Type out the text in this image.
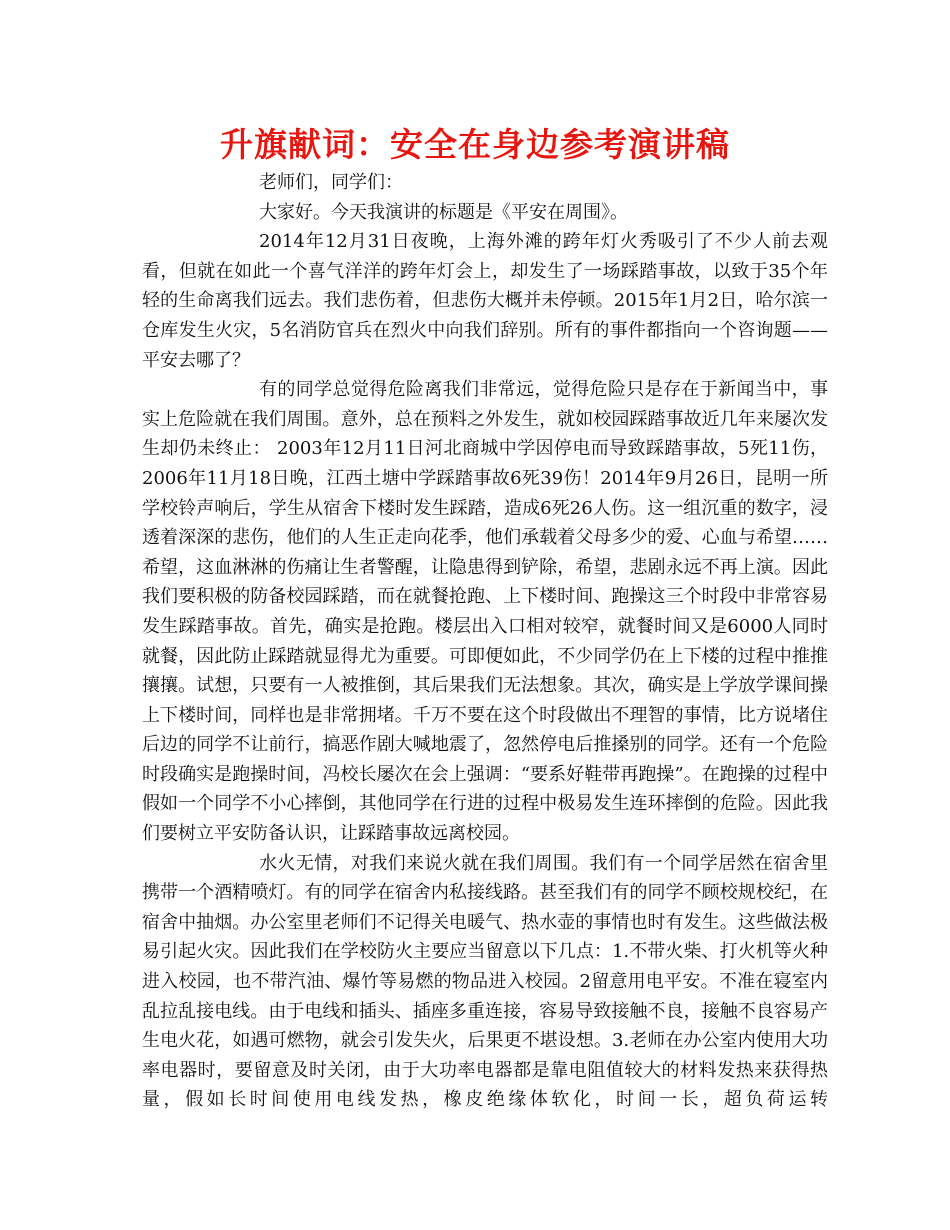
升旗献词：安全在身边参考演讲稿

老师们，同学们：

大家好。今天我演讲的标题是《平安在周围》。

2014年12月31日夜晚，上海外滩的跨年灯火秀吸引了不少人前去观看，但就在如此一个喜气洋洋的跨年灯会上，却发生了一场踩踏事故，以致于35个年轻的生命离我们远去。我们悲伤着，但悲伤大概并未停顿。2015年1月2日，哈尔滨一仓库发生火灾，5名消防官兵在烈火中向我们辞别。所有的事件都指向一个咨询题——平安去哪了？

有的同学总觉得危险离我们非常远，觉得危险只是存在于新闻当中，事实上危险就在我们周围。意外，总在预料之外发生，就如校园踩踏事故近几年来屡次发生却仍未终止： 2003年12月11日河北商城中学因停电而导致踩踏事故，5死11伤， 2006年11月18日晚，江西土塘中学踩踏事故6死39伤！2014年9月26日，昆明一所学校铃声响后，学生从宿舍下楼时发生踩踏，造成6死26人伤。这一组沉重的数字，浸透着深深的悲伤，他们的人生正走向花季，他们承载着父母多少的爱、心血与希望……希望，这血淋淋的伤痛让生者警醒，让隐患得到铲除，希望，悲剧永远不再上演。因此我们要积极的防备校园踩踏，而在就餐抢跑、上下楼时间、跑操这三个时段中非常容易发生踩踏事故。首先，确实是抢跑。楼层出入口相对较窄，就餐时间又是6000人同时就餐，因此防止踩踏就显得尤为重要。可即便如此，不少同学仍在上下楼的过程中推推攘攘。试想，只要有一人被推倒，其后果我们无法想象。其次，确实是上学放学课间操上下楼时间，同样也是非常拥堵。千万不要在这个时段做出不理智的事情，比方说堵住后边的同学不让前行，搞恶作剧大喊地震了，忽然停电后推搡别的同学。还有一个危险时段确实是跑操时间，冯校长屡次在会上强调：“要系好鞋带再跑操”。在跑操的过程中假如一个同学不小心摔倒，其他同学在行进的过程中极易发生连环摔倒的危险。因此我们要树立平安防备认识，让踩踏事故远离校园。

水火无情，对我们来说火就在我们周围。我们有一个同学居然在宿舍里携带一个酒精喷灯。有的同学在宿舍内私接线路。甚至我们有的同学不顾校规校纪，在宿舍中抽烟。办公室里老师们不记得关电暖气、热水壶的事情也时有发生。这些做法极易引起火灾。因此我们在学校防火主要应当留意以下几点：1.不带火柴、打火机等火种进入校园，也不带汽油、爆竹等易燃的物品进入校园。2留意用电平安。不准在寝室内乱拉乱接电线。由于电线和插头、插座多重连接，容易导致接触不良，接触不良容易产生电火花，如遇可燃物，就会引发失火，后果更不堪设想。3.老师在办公室内使用大功率电器时，要留意及时关闭，由于大功率电器都是靠电阻值较大的材料发热来获得热量，假如长时间使用电线发热，橡皮绝缘体软化，时间一长，超负荷运转
